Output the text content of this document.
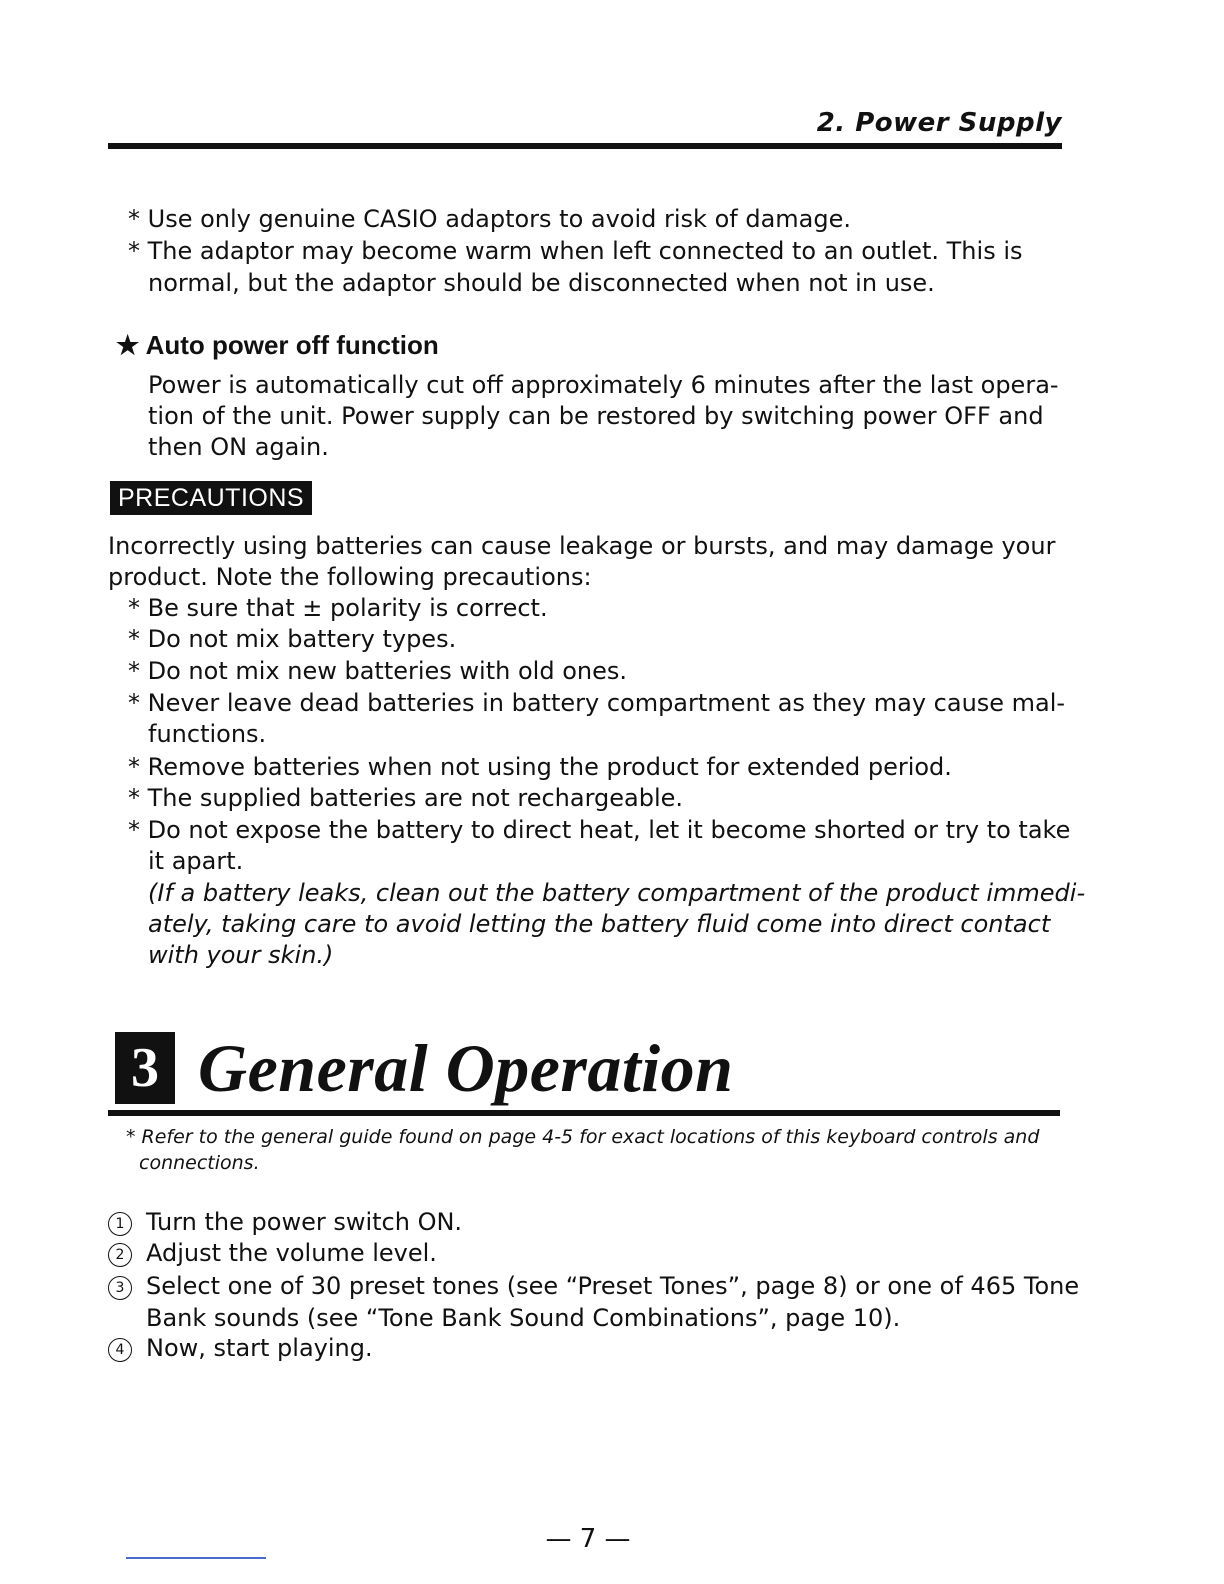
2. Power Supply
* Use only genuine CASIO adaptors to avoid risk of damage.
* The adaptor may become warm when left connected to an outlet. This is
normal, but the adaptor should be disconnected when not in use.
★ Auto power off function
Power is automatically cut off approximately 6 minutes after the last opera-
tion of the unit. Power supply can be restored by switching power OFF and
then ON again.
PRECAUTIONS
Incorrectly using batteries can cause leakage or bursts, and may damage your
product. Note the following precautions:
* Be sure that ± polarity is correct.
* Do not mix battery types.
* Do not mix new batteries with old ones.
* Never leave dead batteries in battery compartment as they may cause mal-
functions.
* Remove batteries when not using the product for extended period.
* The supplied batteries are not rechargeable.
* Do not expose the battery to direct heat, let it become shorted or try to take
it apart.
(If a battery leaks, clean out the battery compartment of the product immedi-
ately, taking care to avoid letting the battery fluid come into direct contact
with your skin.)
3 General Operation
* Refer to the general guide found on page 4-5 for exact locations of this keyboard controls and
connections.
1 Turn the power switch ON.
2 Adjust the volume level.
3 Select one of 30 preset tones (see “Preset Tones”, page 8) or one of 465 Tone
Bank sounds (see “Tone Bank Sound Combinations”, page 10).
4 Now, start playing.
— 7 —
